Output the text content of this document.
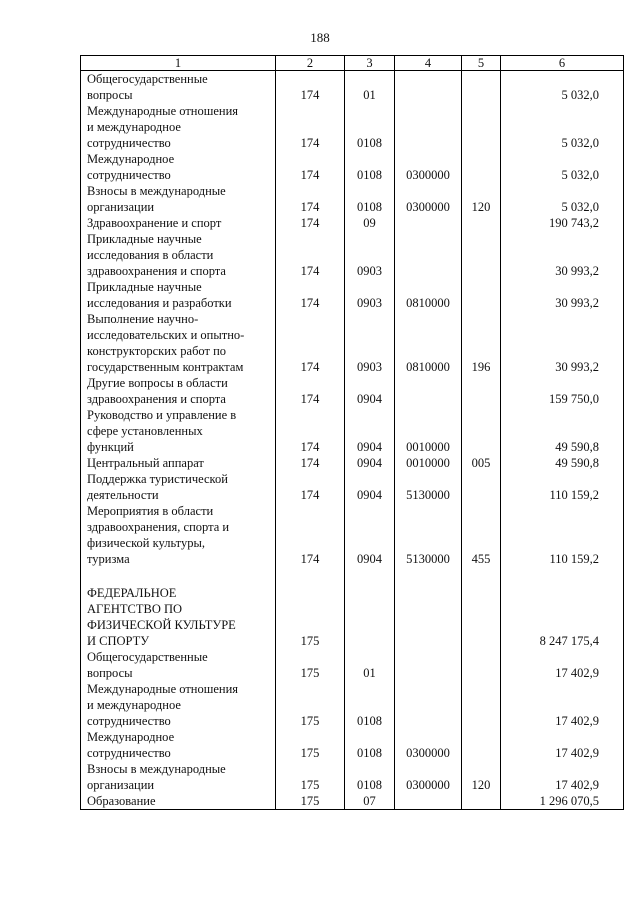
188
1	2	3	4	5	6
Общегосударственные
вопросы	174	01			5 032,0
Международные отношения
и международное
сотрудничество	174	0108			5 032,0
Международное
сотрудничество	174	0108	0300000		5 032,0
Взносы в международные
организации	174	0108	0300000	120	5 032,0
Здравоохранение и спорт	174	09			190 743,2
Прикладные научные
исследования в области
здравоохранения и спорта	174	0903			30 993,2
Прикладные научные
исследования и разработки	174	0903	0810000		30 993,2
Выполнение научно-
исследовательских и опытно-
конструкторских работ по
государственным контрактам	174	0903	0810000	196	30 993,2
Другие вопросы в области
здравоохранения и спорта	174	0904			159 750,0
Руководство и управление в
сфере установленных
функций	174	0904	0010000		49 590,8
Центральный аппарат	174	0904	0010000	005	49 590,8
Поддержка туристической
деятельности	174	0904	5130000		110 159,2
Мероприятия в области
здравоохранения, спорта и
физической культуры,
туризма	174	0904	5130000	455	110 159,2

ФЕДЕРАЛЬНОЕ
АГЕНТСТВО ПО
ФИЗИЧЕСКОЙ КУЛЬТУРЕ
И СПОРТУ	175				8 247 175,4
Общегосударственные
вопросы	175	01			17 402,9
Международные отношения
и международное
сотрудничество	175	0108			17 402,9
Международное
сотрудничество	175	0108	0300000		17 402,9
Взносы в международные
организации	175	0108	0300000	120	17 402,9
Образование	175	07			1 296 070,5
